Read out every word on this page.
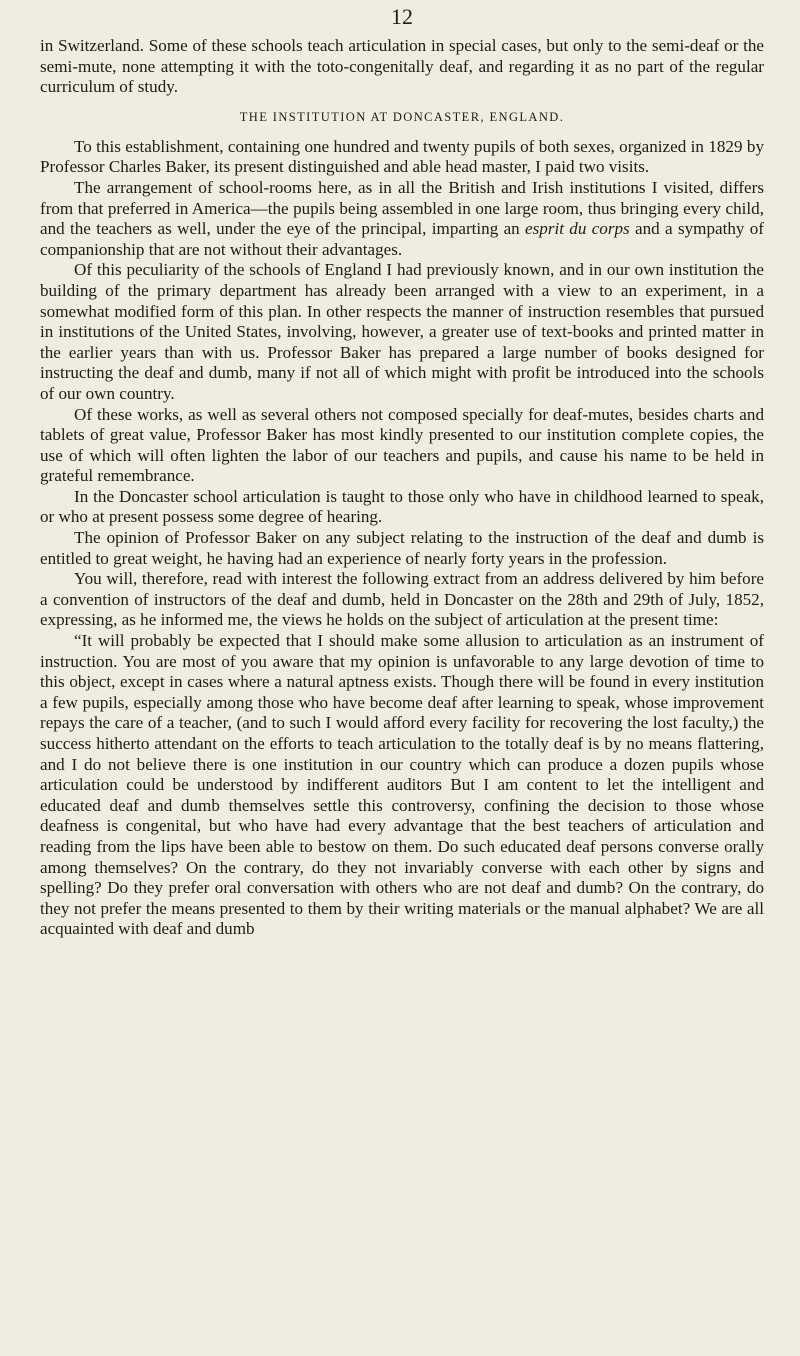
12

in Switzerland. Some of these schools teach articulation in special cases, but only to the semi-deaf or the semi-mute, none attempting it with the toto-congenitally deaf, and regarding it as no part of the regular curriculum of study.

THE INSTITUTION AT DONCASTER, ENGLAND.

To this establishment, containing one hundred and twenty pupils of both sexes, organized in 1829 by Professor Charles Baker, its present distinguished and able head master, I paid two visits.

The arrangement of school-rooms here, as in all the British and Irish institutions I visited, differs from that preferred in America—the pupils being assembled in one large room, thus bringing every child, and the teachers as well, under the eye of the principal, imparting an esprit du corps and a sympathy of companionship that are not without their advantages.

Of this peculiarity of the schools of England I had previously known, and in our own institution the building of the primary department has already been arranged with a view to an experiment, in a somewhat modified form of this plan. In other respects the manner of instruction resembles that pursued in institutions of the United States, involving, however, a greater use of text-books and printed matter in the earlier years than with us. Professor Baker has prepared a large number of books designed for instructing the deaf and dumb, many if not all of which might with profit be introduced into the schools of our own country.

Of these works, as well as several others not composed specially for deaf-mutes, besides charts and tablets of great value, Professor Baker has most kindly presented to our institution complete copies, the use of which will often lighten the labor of our teachers and pupils, and cause his name to be held in grateful remembrance.

In the Doncaster school articulation is taught to those only who have in childhood learned to speak, or who at present possess some degree of hearing.

The opinion of Professor Baker on any subject relating to the instruction of the deaf and dumb is entitled to great weight, he having had an experience of nearly forty years in the profession.

You will, therefore, read with interest the following extract from an address delivered by him before a convention of instructors of the deaf and dumb, held in Doncaster on the 28th and 29th of July, 1852, expressing, as he informed me, the views he holds on the subject of articulation at the present time:

“It will probably be expected that I should make some allusion to articulation as an instrument of instruction. You are most of you aware that my opinion is unfavorable to any large devotion of time to this object, except in cases where a natural aptness exists. Though there will be found in every institution a few pupils, especially among those who have become deaf after learning to speak, whose improvement repays the care of a teacher, (and to such I would afford every facility for recovering the lost faculty,) the success hitherto attendant on the efforts to teach articulation to the totally deaf is by no means flattering, and I do not believe there is one institution in our country which can produce a dozen pupils whose articulation could be understood by indifferent auditors But I am content to let the intelligent and educated deaf and dumb themselves settle this controversy, confining the decision to those whose deafness is congenital, but who have had every advantage that the best teachers of articulation and reading from the lips have been able to bestow on them. Do such educated deaf persons converse orally among themselves? On the contrary, do they not invariably converse with each other by signs and spelling? Do they prefer oral conversation with others who are not deaf and dumb? On the contrary, do they not prefer the means presented to them by their writing materials or the manual alphabet? We are all acquainted with deaf and dumb
